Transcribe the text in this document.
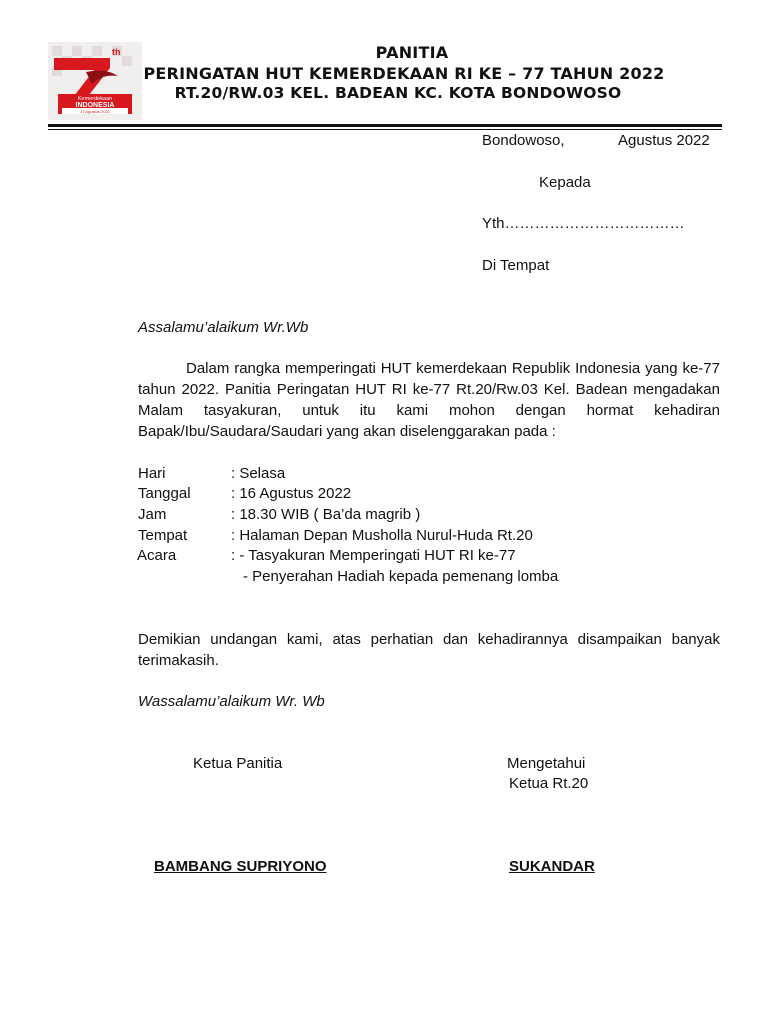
th
Kemerdekaan
INDONESIA
17 Agustus 2022
PANITIA
PERINGATAN HUT KEMERDEKAAN RI KE – 77 TAHUN 2022
RT.20/RW.03 KEL. BADEAN KC. KOTA BONDOWOSO
Bondowoso,	Agustus 2022
Kepada
Yth………………………………
Di Tempat
Assalamu’alaikum Wr.Wb
Dalam rangka memperingati HUT kemerdekaan Republik Indonesia yang ke-77 tahun 2022. Panitia Peringatan HUT RI ke-77 Rt.20/Rw.03 Kel. Badean mengadakan Malam tasyakuran, untuk itu kami mohon dengan hormat kehadiran Bapak/Ibu/Saudara/Saudari yang akan diselenggarakan pada :
Hari	: Selasa
Tanggal	: 16 Agustus 2022
Jam	: 18.30 WIB ( Ba’da magrib )
Tempat	: Halaman Depan Musholla Nurul-Huda Rt.20
Acara	: - Tasyakuran Memperingati HUT RI ke-77
- Penyerahan Hadiah kepada pemenang lomba
Demikian undangan kami, atas perhatian dan kehadirannya disampaikan banyak terimakasih.
Wassalamu’alaikum Wr. Wb
Ketua Panitia	Mengetahui
Ketua Rt.20
BAMBANG SUPRIYONO	SUKANDAR
